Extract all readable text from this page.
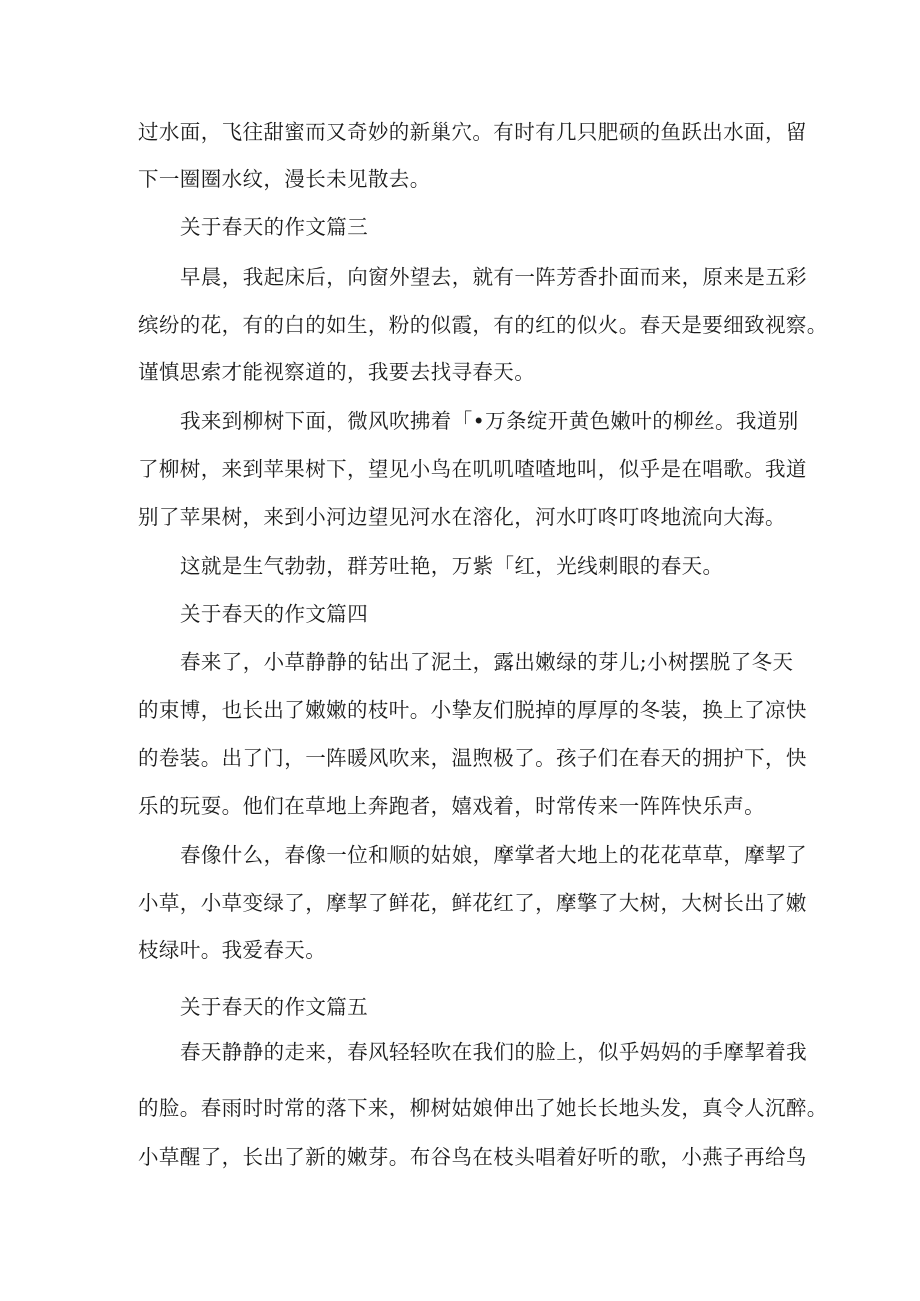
过水面，飞往甜蜜而又奇妙的新巢穴。有时有几只肥硕的鱼跃出水面，留
下一圈圈水纹，漫长未见散去。
关于春天的作文篇三
早晨，我起床后，向窗外望去，就有一阵芳香扑面而来，原来是五彩
缤纷的花，有的白的如生，粉的似霞，有的红的似火。春天是要细致视察。
谨慎思索才能视察道的，我要去找寻春天。
我来到柳树下面，微风吹拂着「•万条绽开黄色嫩叶的柳丝。我道别
了柳树，来到苹果树下，望见小鸟在叽叽喳喳地叫，似乎是在唱歌。我道
别了苹果树，来到小河边望见河水在溶化，河水叮咚叮咚地流向大海。
这就是生气勃勃，群芳吐艳，万紫「红，光线刺眼的春天。
关于春天的作文篇四
春来了，小草静静的钻出了泥土，露出嫩绿的芽儿;小树摆脱了冬天
的束博，也长出了嫩嫩的枝叶。小挚友们脱掉的厚厚的冬装，换上了凉快
的卷装。出了门，一阵暖风吹来，温煦极了。孩子们在春天的拥护下，快
乐的玩耍。他们在草地上奔跑者，嬉戏着，时常传来一阵阵快乐声。
春像什么，春像一位和顺的姑娘，摩掌者大地上的花花草草，摩挈了
小草，小草变绿了，摩挈了鲜花，鲜花红了，摩擎了大树，大树长出了嫩
枝绿叶。我爱春天。
关于春天的作文篇五
春天静静的走来，春风轻轻吹在我们的脸上，似乎妈妈的手摩挈着我
的脸。春雨时时常的落下来，柳树姑娘伸出了她长长地头发，真令人沉醉。
小草醒了，长出了新的嫩芽。布谷鸟在枝头唱着好听的歌，小燕子再给鸟
